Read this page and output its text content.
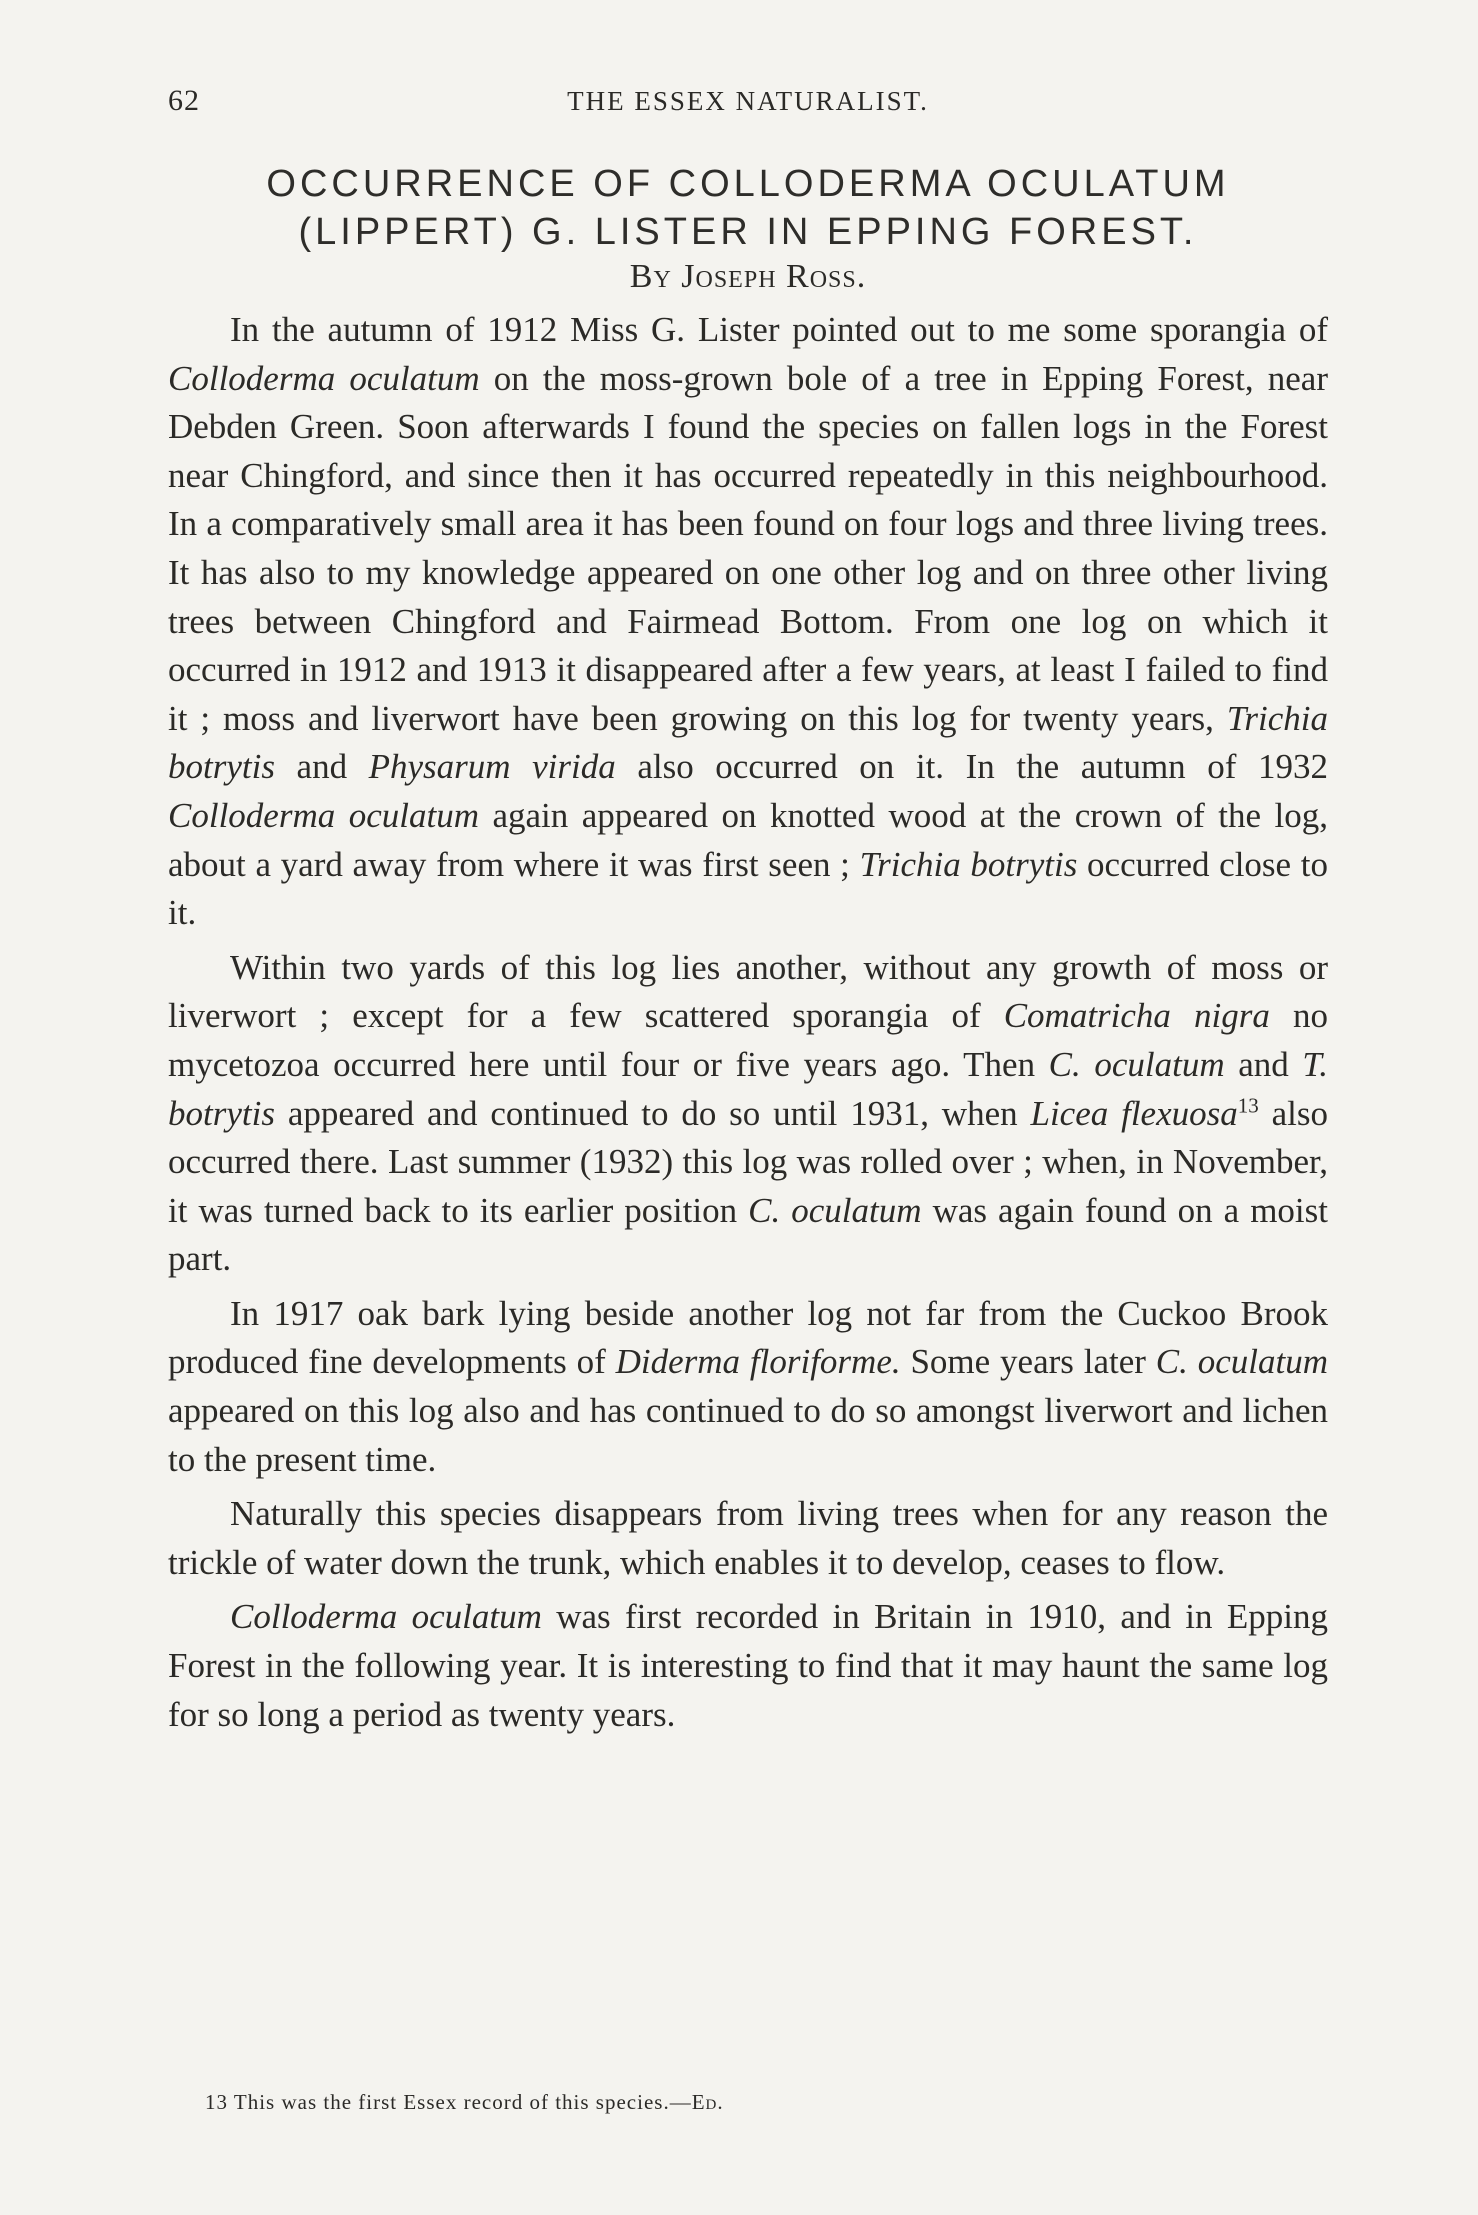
62	THE ESSEX NATURALIST.
OCCURRENCE OF COLLODERMA OCULATUM
(LIPPERT) G. LISTER IN EPPING FOREST.
By Joseph Ross.

In the autumn of 1912 Miss G. Lister pointed out to me some sporangia of Colloderma oculatum on the moss-grown bole of a tree in Epping Forest, near Debden Green. Soon afterwards I found the species on fallen logs in the Forest near Chingford, and since then it has occurred repeatedly in this neighbourhood. In a comparatively small area it has been found on four logs and three living trees. It has also to my knowledge appeared on one other log and on three other living trees between Chingford and Fairmead Bottom. From one log on which it occurred in 1912 and 1913 it disappeared after a few years, at least I failed to find it ; moss and liverwort have been growing on this log for twenty years, Trichia botrytis and Physarum virida also occurred on it. In the autumn of 1932 Colloderma oculatum again appeared on knotted wood at the crown of the log, about a yard away from where it was first seen ; Trichia botrytis occurred close to it.

Within two yards of this log lies another, without any growth of moss or liverwort ; except for a few scattered sporangia of Comatricha nigra no mycetozoa occurred here until four or five years ago. Then C. oculatum and T. botrytis appeared and continued to do so until 1931, when Licea flexuosa$^{13}$ also occurred there. Last summer (1932) this log was rolled over ; when, in November, it was turned back to its earlier position C. oculatum was again found on a moist part.

In 1917 oak bark lying beside another log not far from the Cuckoo Brook produced fine developments of Diderma floriforme. Some years later C. oculatum appeared on this log also and has continued to do so amongst liverwort and lichen to the present time.

Naturally this species disappears from living trees when for any reason the trickle of water down the trunk, which enables it to develop, ceases to flow.

Colloderma oculatum was first recorded in Britain in 1910, and in Epping Forest in the following year. It is interesting to find that it may haunt the same log for so long a period as twenty years.

13 This was the first Essex record of this species.—Ed.
